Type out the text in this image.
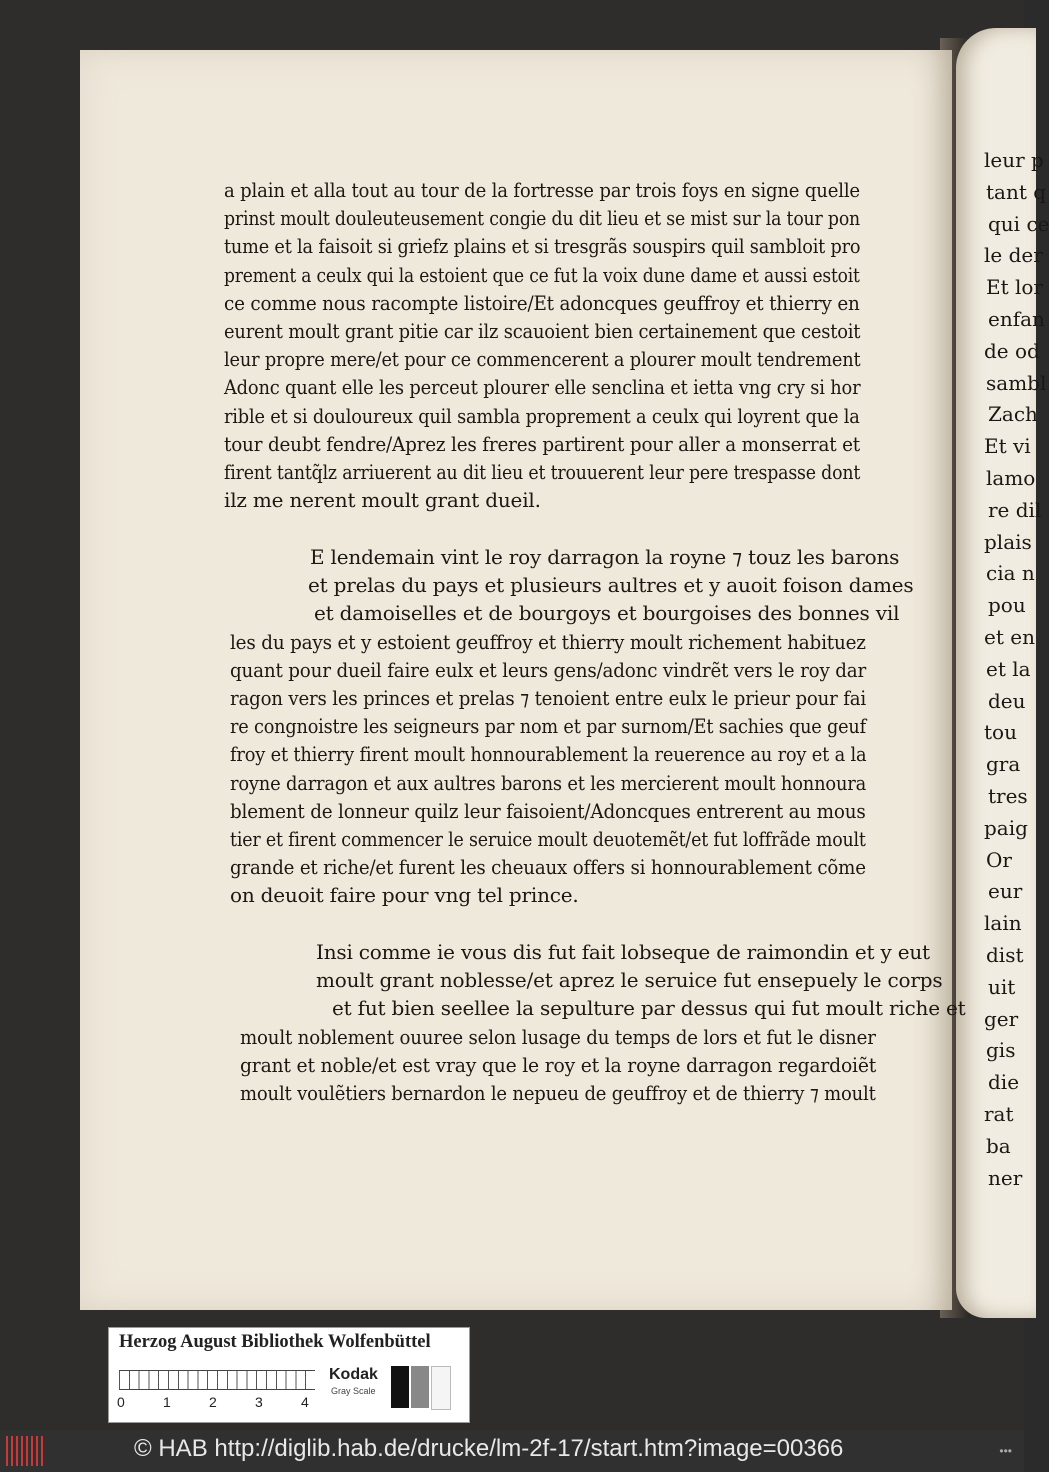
a plain et alla tout au tour de la fortresse par trois foys en signe quelle
prinst moult douleuteusement congie du dit lieu et se mist sur la tour pon
tume et la faisoit si griefz plains et si tresgrãs souspirs quil sambloit pro
prement a ceulx qui la estoient que ce fut la voix dune dame et aussi estoit
ce comme nous racompte listoire/Et adoncques geuffroy et thierry en
eurent moult grant pitie car ilz scauoient bien certainement que cestoit
leur propre mere/et pour ce commencerent a plourer moult tendrement
Adonc quant elle les perceut plourer elle senclina et ietta vng cry si hor
rible et si douloureux quil sambla proprement a ceulx qui loyrent que la
tour deubt fendre/Aprez les freres partirent pour aller a monserrat et
firent tantq̃lz arriuerent au dit lieu et trouuerent leur pere trespasse dont
ilz me nerent moult grant dueil.
E lendemain vint le roy darragon la royne ⁊ touz les barons
et prelas du pays et plusieurs aultres et y auoit foison dames
et damoiselles et de bourgoys et bourgoises des bonnes vil
les du pays et y estoient geuffroy et thierry moult richement habituez
quant pour dueil faire eulx et leurs gens/adonc vindrẽt vers le roy dar
ragon vers les princes et prelas ⁊ tenoient entre eulx le prieur pour fai
re congnoistre les seigneurs par nom et par surnom/Et sachies que geuf
froy et thierry firent moult honnourablement la reuerence au roy et a la
royne darragon et aux aultres barons et les mercierent moult honnoura
blement de lonneur quilz leur faisoient/Adoncques entrerent au mous
tier et firent commencer le seruice moult deuotemẽt/et fut loffrãde moult
grande et riche/et furent les cheuaux offers si honnourablement cõme
on deuoit faire pour vng tel prince.
Insi comme ie vous dis fut fait lobseque de raimondin et y eut
moult grant noblesse/et aprez le seruice fut ensepuely le corps
et fut bien seellee la sepulture par dessus qui fut moult riche et
moult noblement ouuree selon lusage du temps de lors et fut le disner
grant et noble/et est vray que le roy et la royne darragon regardoiẽt
moult voulẽtiers bernardon le nepueu de geuffroy et de thierry ⁊ moult
leur p
tant q
qui ce
le der
Et lor
enfan
de od
sambl
Zach
Et vi
lamo
re dil
plais
cia n
pou
et en
et la
deu
tou
gra
tres
paig
Or
eur
lain
dist
uit
ger
gis
die
rat
ba
ner
Herzog August Bibliothek Wolfenbüttel
0	1	2	3	4
Kodak
Gray Scale
© HAB http://diglib.hab.de/drucke/lm-2f-17/start.htm?image=00366	•••
